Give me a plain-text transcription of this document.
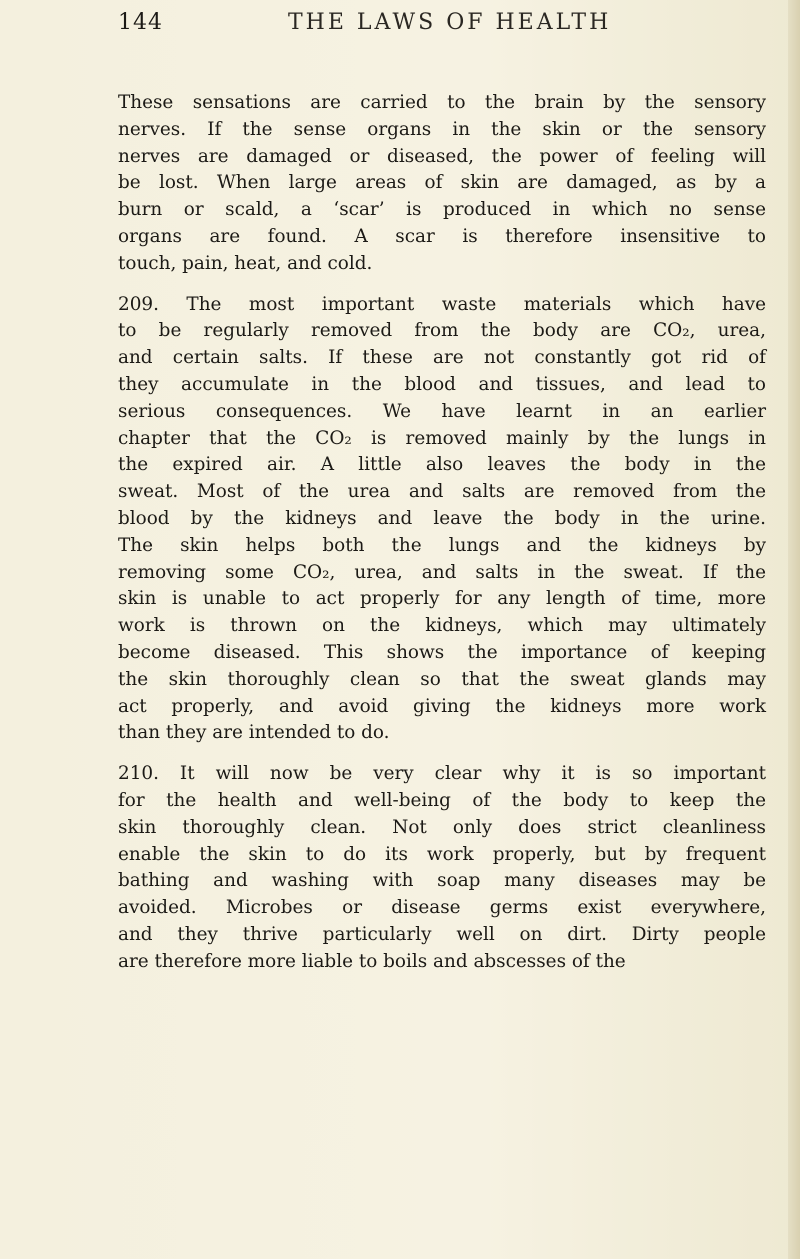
144	THE LAWS OF HEALTH
These sensations are carried to the brain by the sensory
nerves. If the sense organs in the skin or the sensory
nerves are damaged or diseased, the power of feeling will
be lost. When large areas of skin are damaged, as by a
burn or scald, a ‘scar’ is produced in which no sense
organs are found. A scar is therefore insensitive to
touch, pain, heat, and cold.
209. The most important waste materials which have
to be regularly removed from the body are CO₂, urea,
and certain salts. If these are not constantly got rid of
they accumulate in the blood and tissues, and lead to
serious consequences. We have learnt in an earlier
chapter that the CO₂ is removed mainly by the lungs in
the expired air. A little also leaves the body in the
sweat. Most of the urea and salts are removed from the
blood by the kidneys and leave the body in the urine.
The skin helps both the lungs and the kidneys by
removing some CO₂, urea, and salts in the sweat. If the
skin is unable to act properly for any length of time, more
work is thrown on the kidneys, which may ultimately
become diseased. This shows the importance of keeping
the skin thoroughly clean so that the sweat glands may
act properly, and avoid giving the kidneys more work
than they are intended to do.
210. It will now be very clear why it is so important
for the health and well-being of the body to keep the
skin thoroughly clean. Not only does strict cleanliness
enable the skin to do its work properly, but by frequent
bathing and washing with soap many diseases may be
avoided. Microbes or disease germs exist everywhere,
and they thrive particularly well on dirt. Dirty people
are therefore more liable to boils and abscesses of the
